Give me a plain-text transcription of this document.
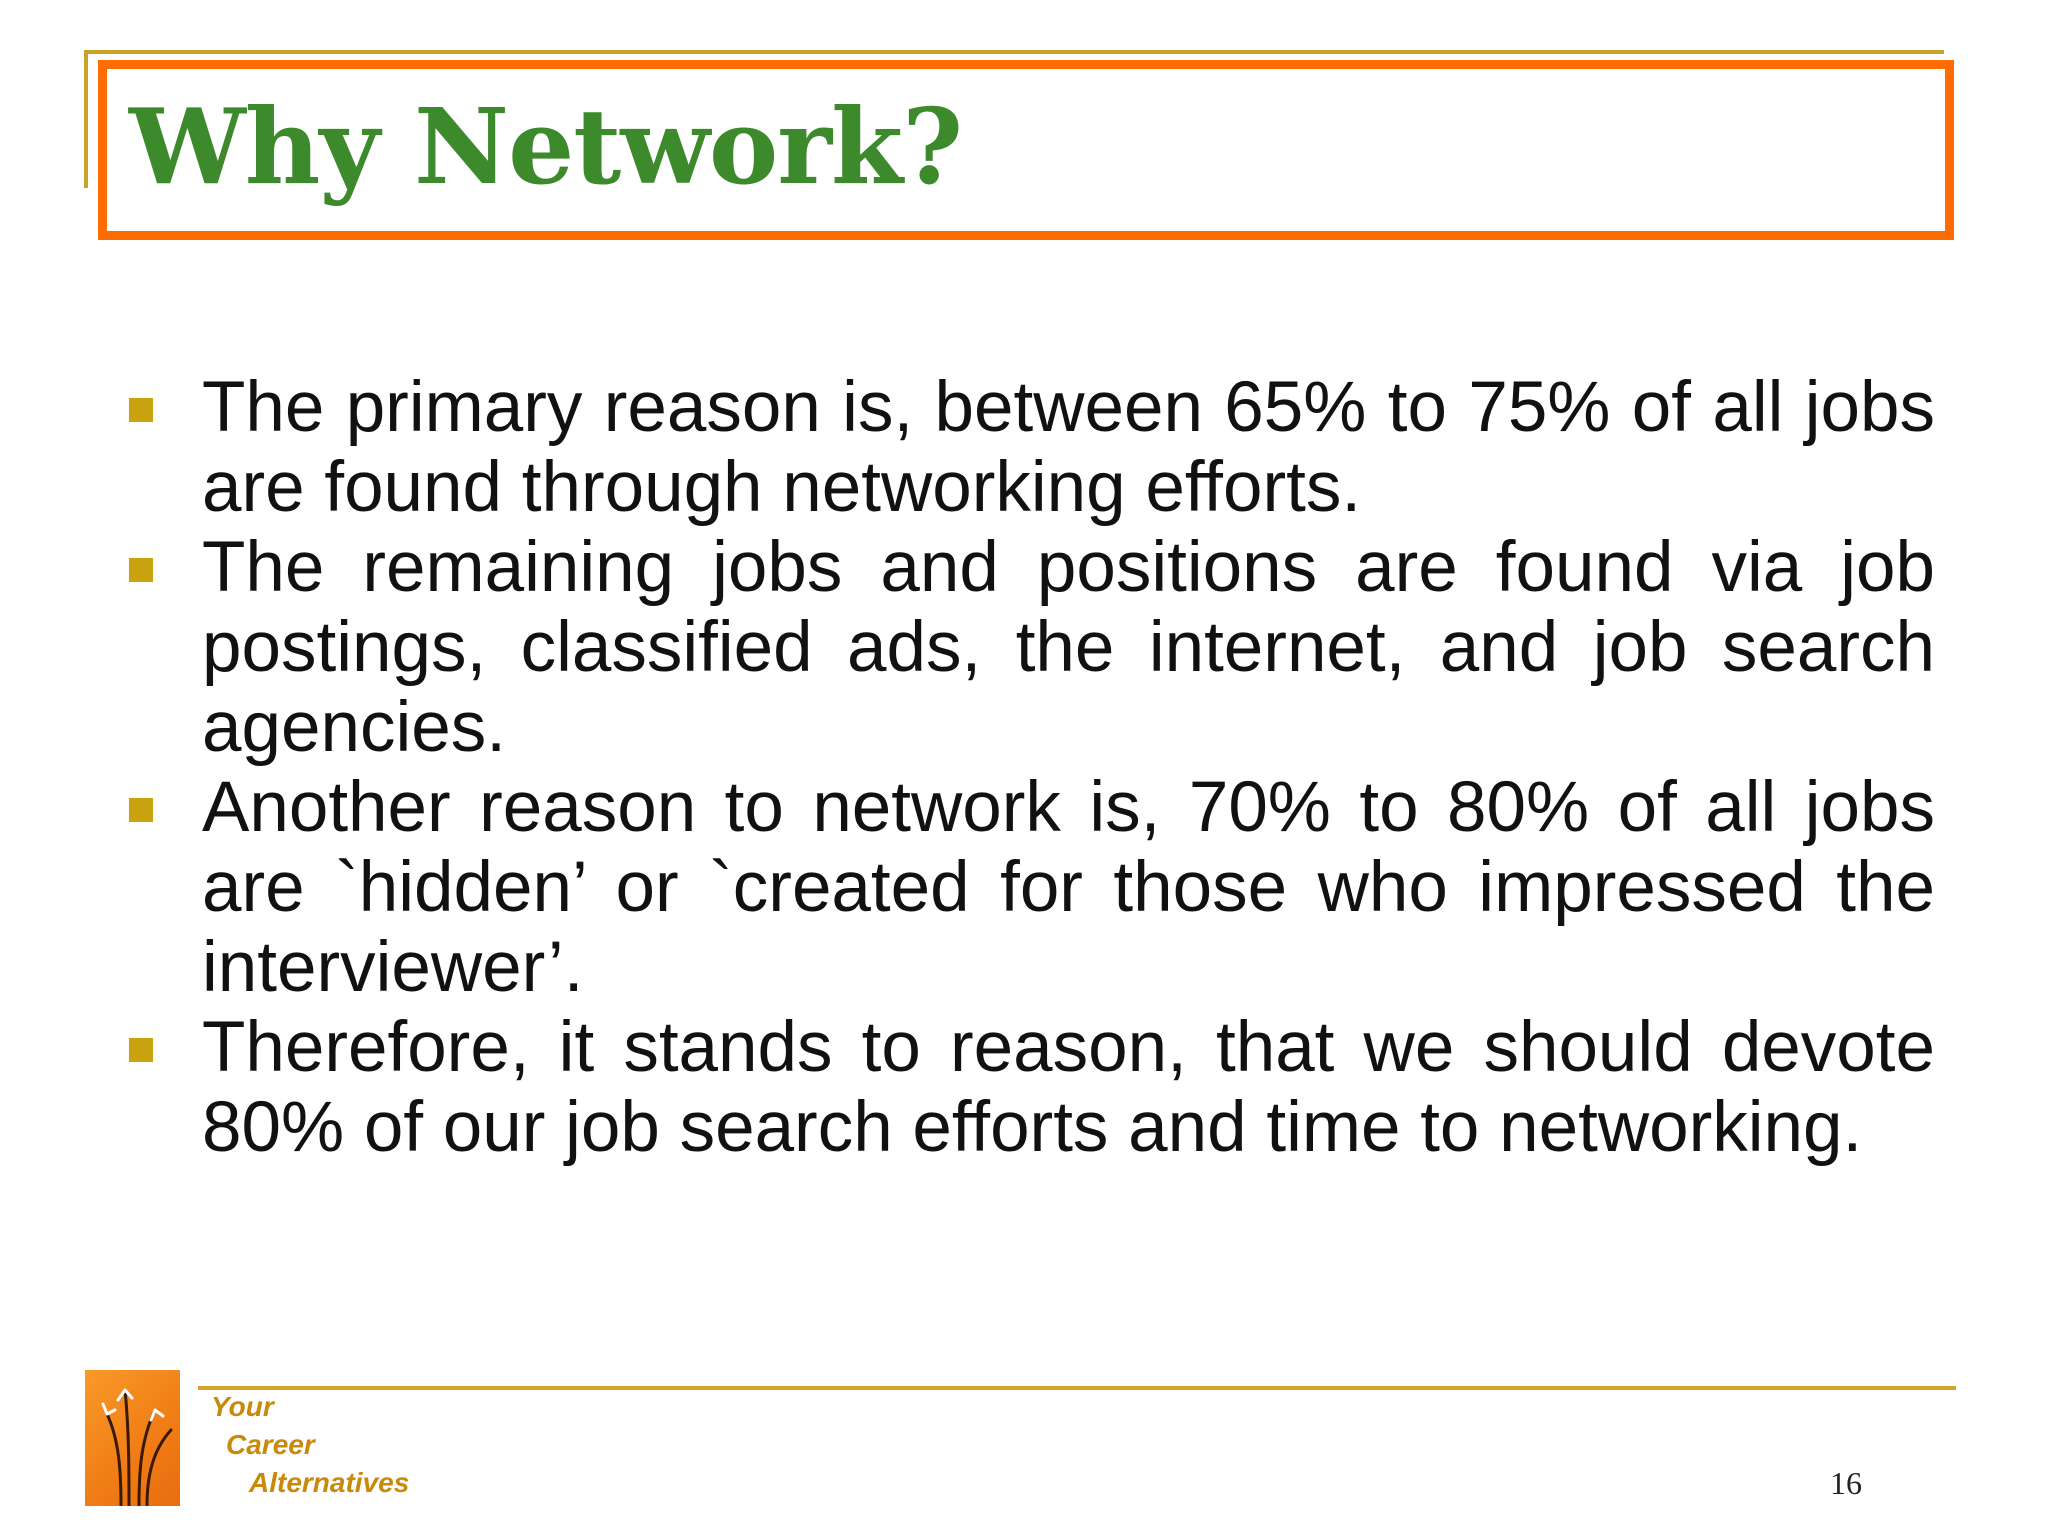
Why Network?
The primary reason is, between 65% to 75% of all jobs are found through networking efforts.
The remaining jobs and positions are found via job postings, classified ads, the internet, and job search agencies.
Another reason to network is, 70% to 80% of all jobs are `hidden’ or `created for those who impressed the interviewer’.
Therefore, it stands to reason, that we should devote 80% of our job search efforts and time to networking.

Your

Career

Alternatives	16
